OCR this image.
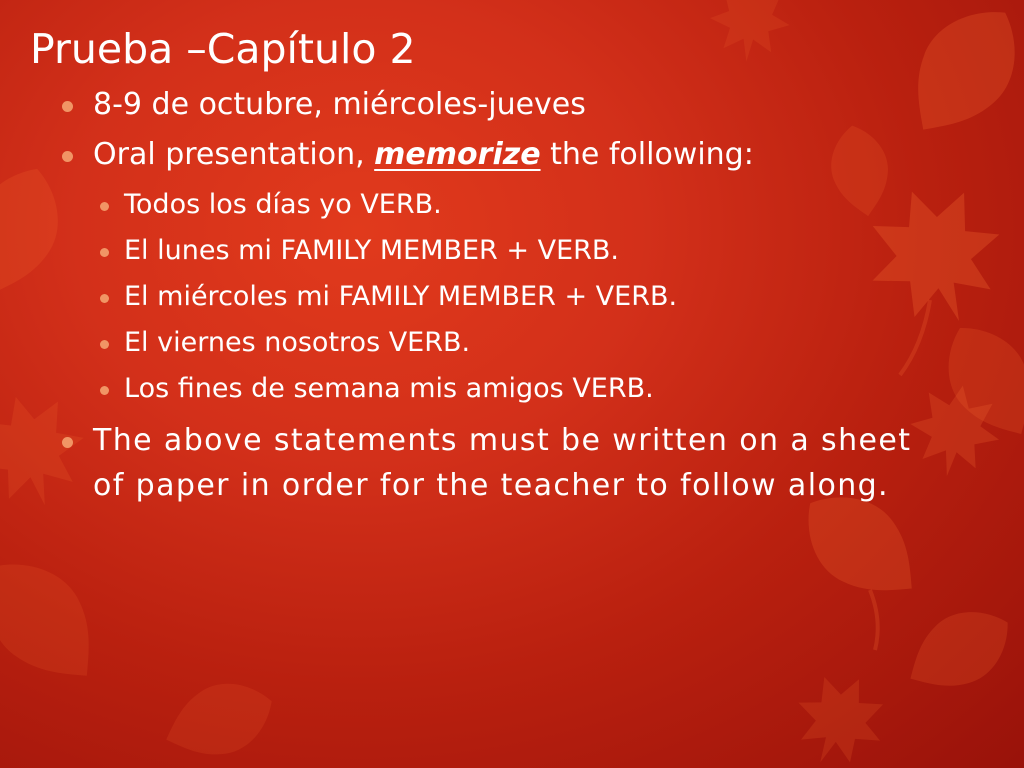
Prueba –Capítulo 2
8-9 de octubre, miércoles-jueves
Oral presentation, memorize the following:
Todos los días yo VERB.
El lunes mi FAMILY MEMBER + VERB.
El miércoles mi FAMILY MEMBER + VERB.
El viernes nosotros VERB.
Los fines de semana mis amigos VERB.
The above statements must be written on a sheet of paper in order for the teacher to follow along.
